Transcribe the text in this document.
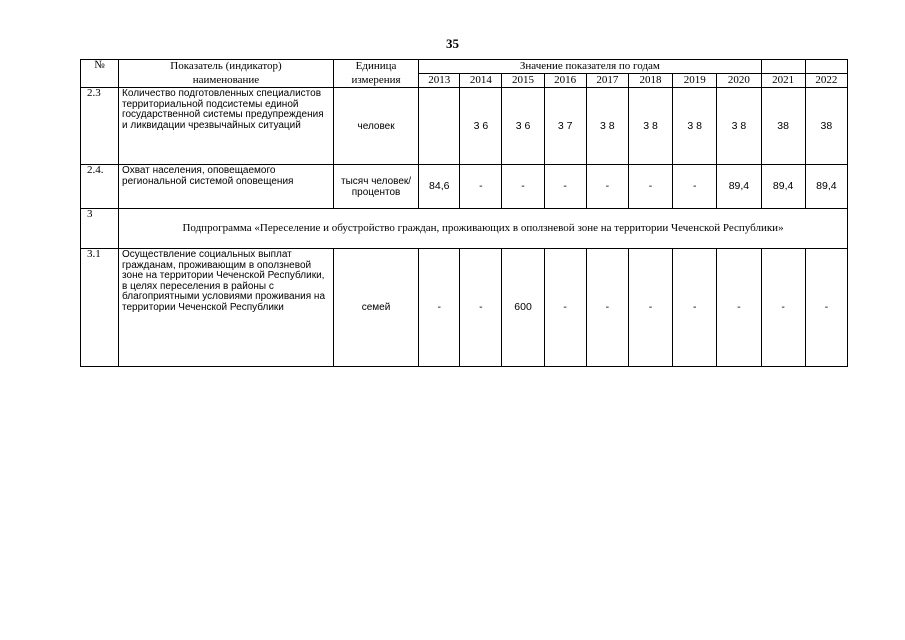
35
№	Показатель (индикатор)	Единица	Значение показателя по годам									
	наименование	измерения	2013	2014	2015	2016	2017	2018	2019	2020	2021	2022
2.3	Количество подготовленных специалистов территориальной подсистемы единой государственной системы предупреждения и ликвидации чрезвычайных ситуаций	человек		3 6	3 6	3 7	3 8	3 8	3 8	3 8	38	38
2.4.	Охват населения, оповещаемого региональной системой оповещения	тысяч человек/ процентов	84,6	-	-	-	-	-	-	89,4	89,4	89,4
3	Подпрограмма «Переселение и обустройство граждан, проживающих в оползневой зоне на территории Чеченской Республики»											
3.1	Осуществление социальных выплат гражданам, проживающим в оползневой зоне на территории Чеченской Республики, в целях переселения в районы с благоприятными условиями проживания на территории Чеченской Республики	семей	-	-	600	-	-	-	-	-	-	-
